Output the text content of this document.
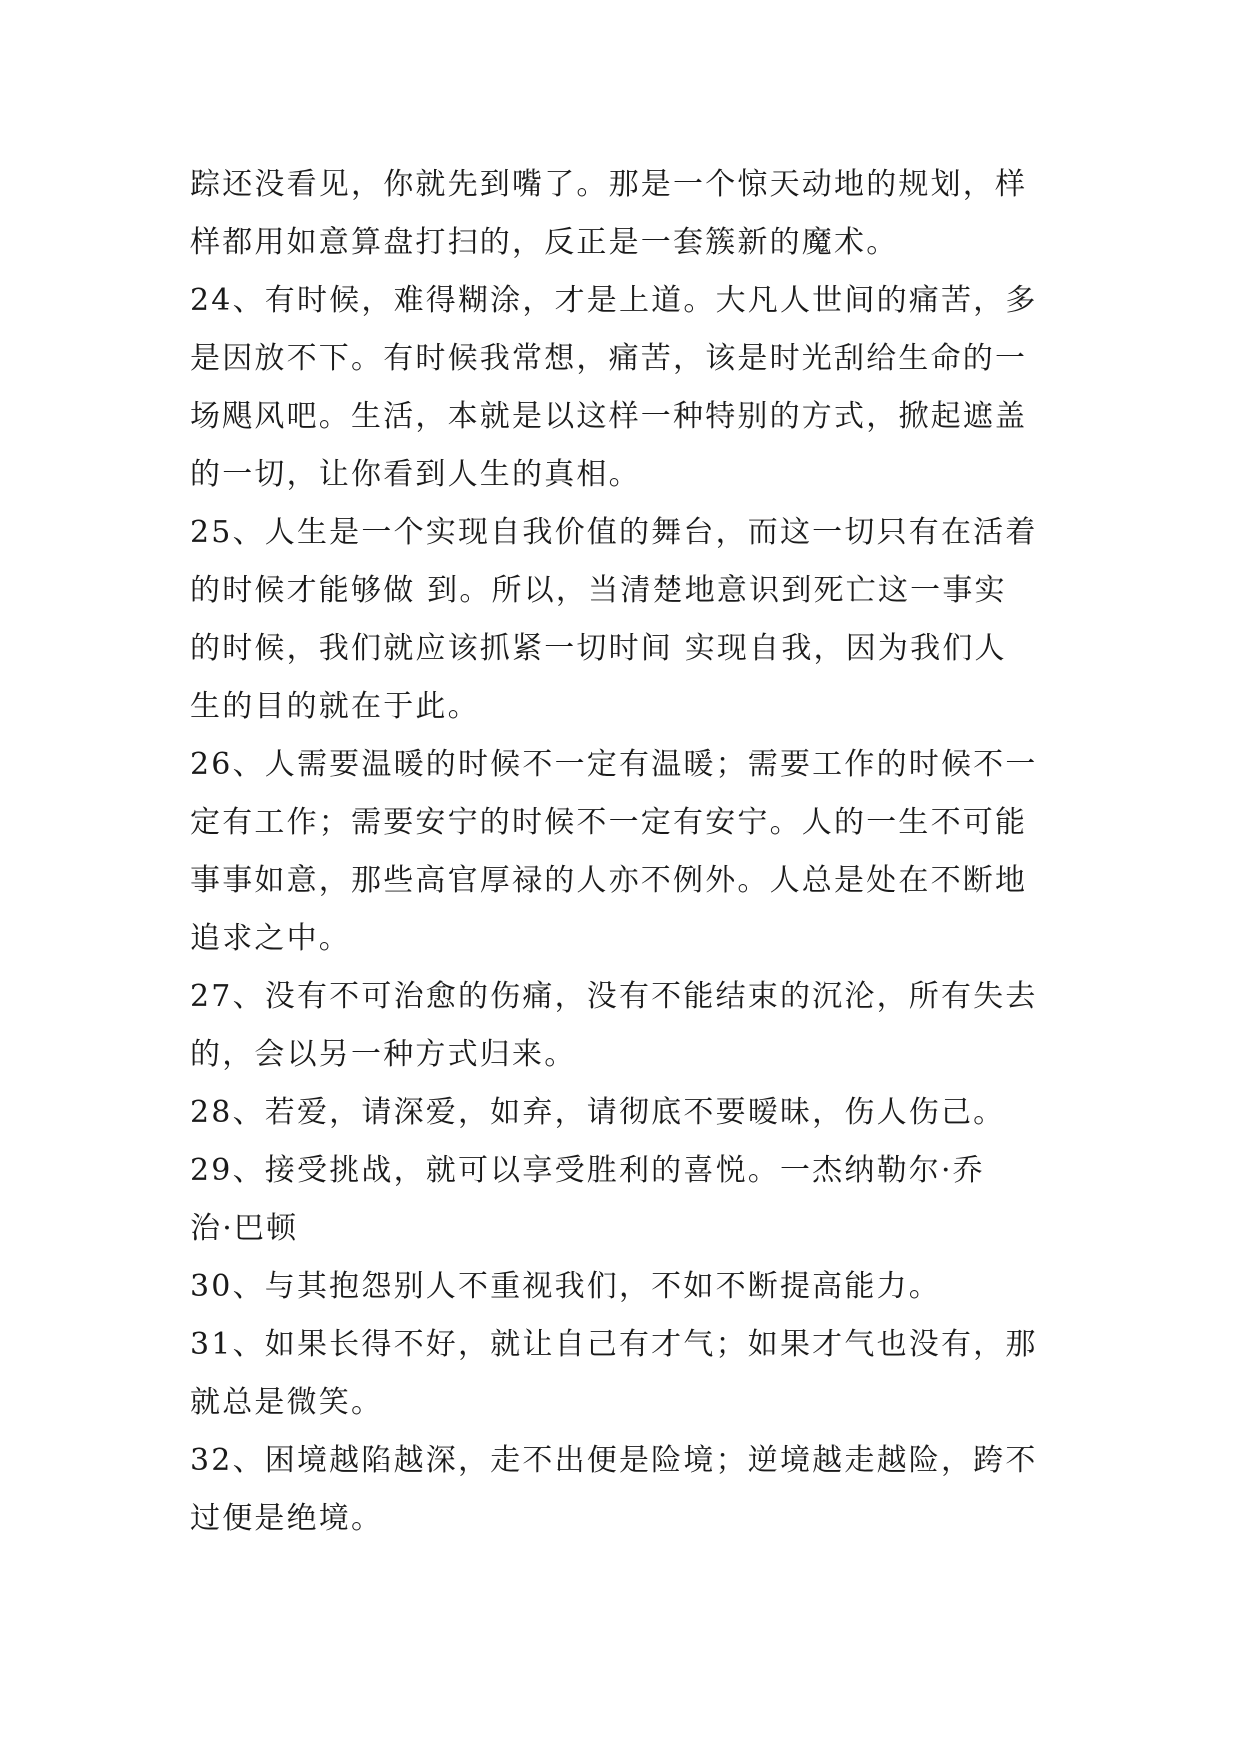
踪还没看见，你就先到嘴了。那是一个惊天动地的规划，样
样都用如意算盘打扫的，反正是一套簇新的魔术。

24、有时候，难得糊涂，才是上道。大凡人世间的痛苦，多
是因放不下。有时候我常想，痛苦，该是时光刮给生命的一
场飓风吧。生活，本就是以这样一种特别的方式，掀起遮盖
的一切，让你看到人生的真相。

25、人生是一个实现自我价值的舞台，而这一切只有在活着
的时候才能够做 到。所以，当清楚地意识到死亡这一事实
的时候，我们就应该抓紧一切时间 实现自我，因为我们人
生的目的就在于此。

26、人需要温暖的时候不一定有温暖；需要工作的时候不一
定有工作；需要安宁的时候不一定有安宁。人的一生不可能
事事如意，那些高官厚禄的人亦不例外。人总是处在不断地
追求之中。

27、没有不可治愈的伤痛，没有不能结束的沉沦，所有失去
的，会以另一种方式归来。

28、若爱，请深爱，如弃，请彻底不要暧昧，伤人伤己。

29、接受挑战，就可以享受胜利的喜悦。一杰纳勒尔·乔
治·巴顿

30、与其抱怨别人不重视我们，不如不断提高能力。

31、如果长得不好，就让自己有才气；如果才气也没有，那
就总是微笑。

32、困境越陷越深，走不出便是险境；逆境越走越险，跨不
过便是绝境。
